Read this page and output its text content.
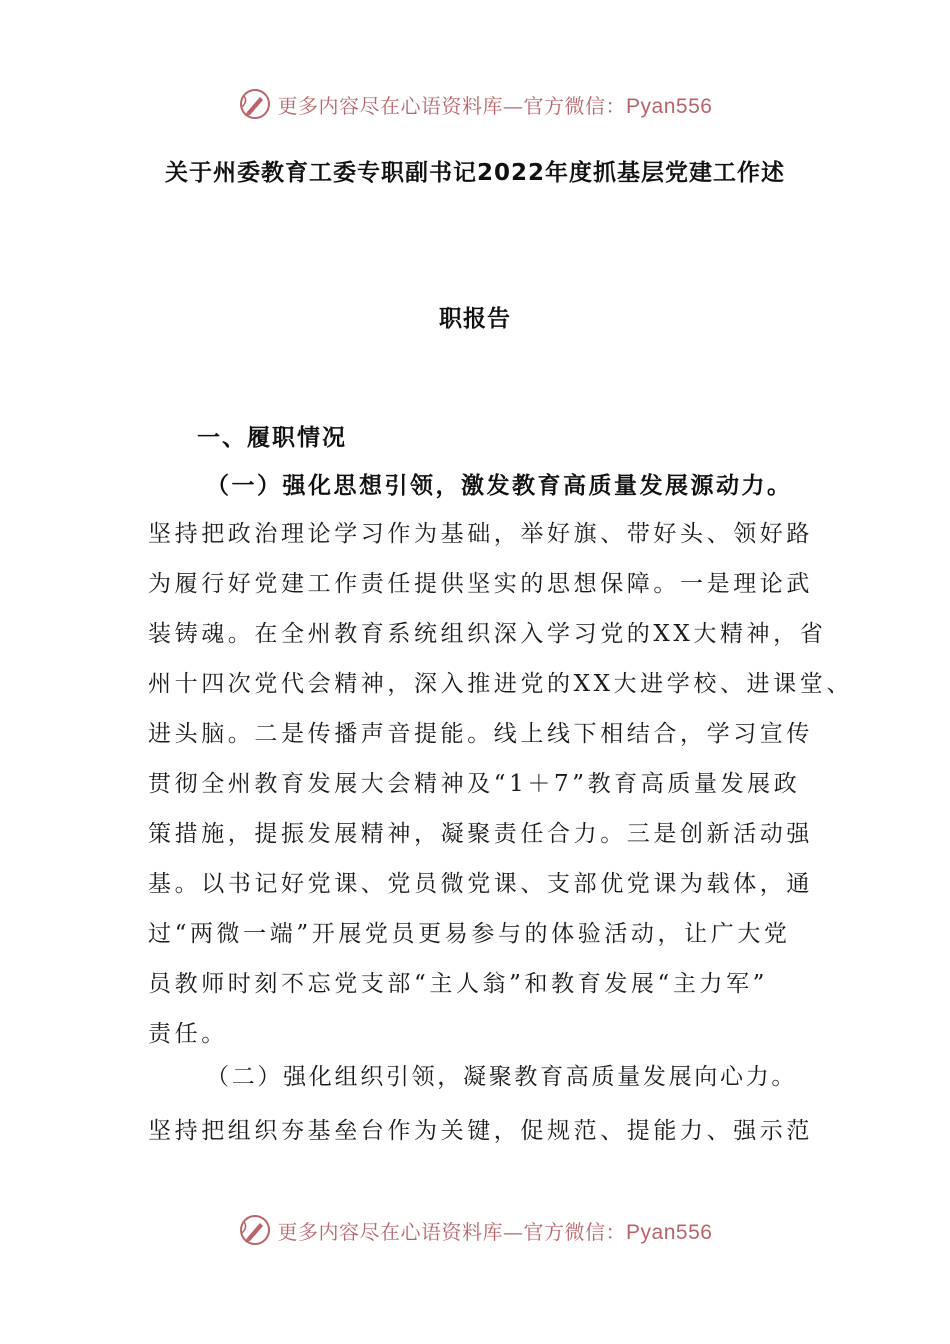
更多内容尽在心语资料库—官方微信：Pyan556
关于州委教育工委专职副书记2022年度抓基层党建工作述
职报告
一、履职情况
（一）强化思想引领，激发教育高质量发展源动力。
坚持把政治理论学习作为基础，举好旗、带好头、领好路
为履行好党建工作责任提供坚实的思想保障。一是理论武
装铸魂。在全州教育系统组织深入学习党的XX大精神，省
州十四次党代会精神，深入推进党的XX大进学校、进课堂、
进头脑。二是传播声音提能。线上线下相结合，学习宣传
贯彻全州教育发展大会精神及“1＋7”教育高质量发展政
策措施，提振发展精神，凝聚责任合力。三是创新活动强
基。以书记好党课、党员微党课、支部优党课为载体，通
过“两微一端”开展党员更易参与的体验活动，让广大党
员教师时刻不忘党支部“主人翁”和教育发展“主力军”
责任。
（二）强化组织引领，凝聚教育高质量发展向心力。
坚持把组织夯基垒台作为关键，促规范、提能力、强示范
更多内容尽在心语资料库—官方微信：Pyan556
